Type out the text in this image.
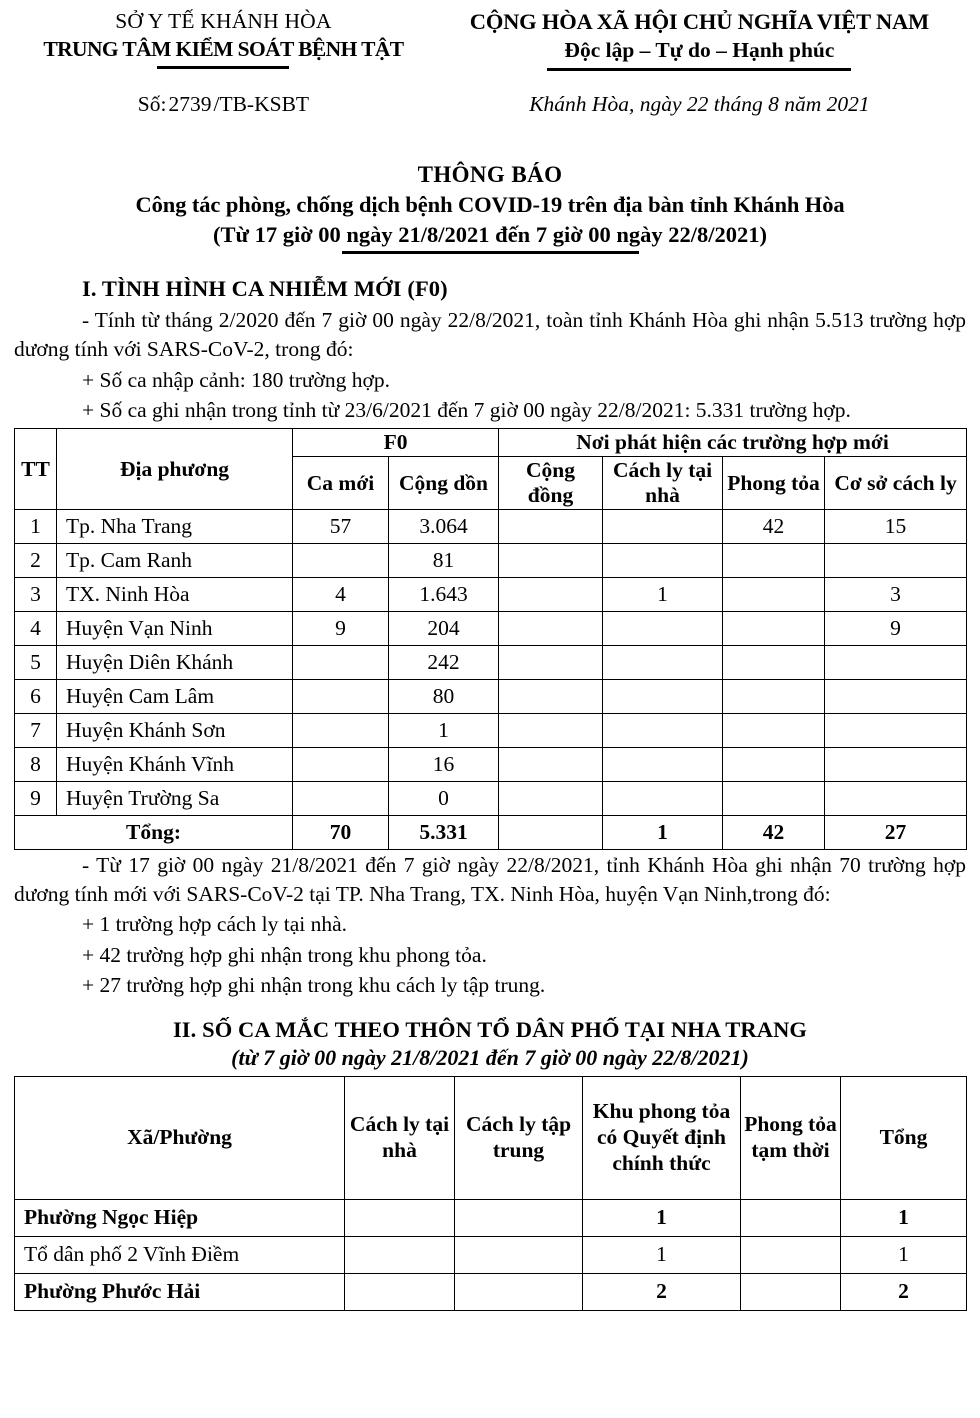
SỞ Y TẾ KHÁNH HÒA
TRUNG TÂM KIỂM SOÁT BỆNH TẬT
CỘNG HÒA XÃ HỘI CHỦ NGHĨA VIỆT NAM
Độc lập – Tự do – Hạnh phúc
Số:2739/TB-KSBT	Khánh Hòa, ngày 22 tháng 8 năm 2021
THÔNG BÁO
Công tác phòng, chống dịch bệnh COVID-19 trên địa bàn tỉnh Khánh Hòa
(Từ 17 giờ 00 ngày 21/8/2021 đến 7 giờ 00 ngày 22/8/2021)
I. TÌNH HÌNH CA NHIỄM MỚI (F0)
- Tính từ tháng 2/2020 đến 7 giờ 00 ngày 22/8/2021, toàn tỉnh Khánh Hòa ghi nhận 5.513 trường hợp dương tính với SARS-CoV-2, trong đó:
+ Số ca nhập cảnh: 180 trường hợp.
+ Số ca ghi nhận trong tỉnh từ 23/6/2021 đến 7 giờ 00 ngày 22/8/2021: 5.331 trường hợp.
TT	Địa phương	F0		Nơi phát hiện các trường hợp mới			
		Ca mới	Cộng dồn	Cộng đồng	Cách ly tại nhà	Phong tỏa	Cơ sở cách ly
1	Tp. Nha Trang	57	3.064			42	15
2	Tp. Cam Ranh		81				
3	TX. Ninh Hòa	4	1.643		1		3
4	Huyện Vạn Ninh	9	204				9
5	Huyện Diên Khánh		242				
6	Huyện Cam Lâm		80				
7	Huyện Khánh Sơn		1				
8	Huyện Khánh Vĩnh		16				
9	Huyện Trường Sa		0				
Tổng:		70	5.331		1	42	27
- Từ 17 giờ 00 ngày 21/8/2021 đến 7 giờ ngày 22/8/2021, tỉnh Khánh Hòa ghi nhận 70 trường hợp dương tính mới với SARS-CoV-2 tại TP. Nha Trang, TX. Ninh Hòa, huyện Vạn Ninh,trong đó:
+ 1 trường hợp cách ly tại nhà.
+ 42 trường hợp ghi nhận trong khu phong tỏa.
+ 27 trường hợp ghi nhận trong khu cách ly tập trung.
II. SỐ CA MẮC THEO THÔN TỔ DÂN PHỐ TẠI NHA TRANG
(từ 7 giờ 00 ngày 21/8/2021 đến 7 giờ 00 ngày 22/8/2021)
Xã/Phường	Cách ly tại nhà	Cách ly tập trung	Khu phong tỏa có Quyết định chính thức	Phong tỏa tạm thời	Tổng
Phường Ngọc Hiệp			1		1
Tổ dân phố 2 Vĩnh Điềm			1		1
Phường Phước Hải			2		2
